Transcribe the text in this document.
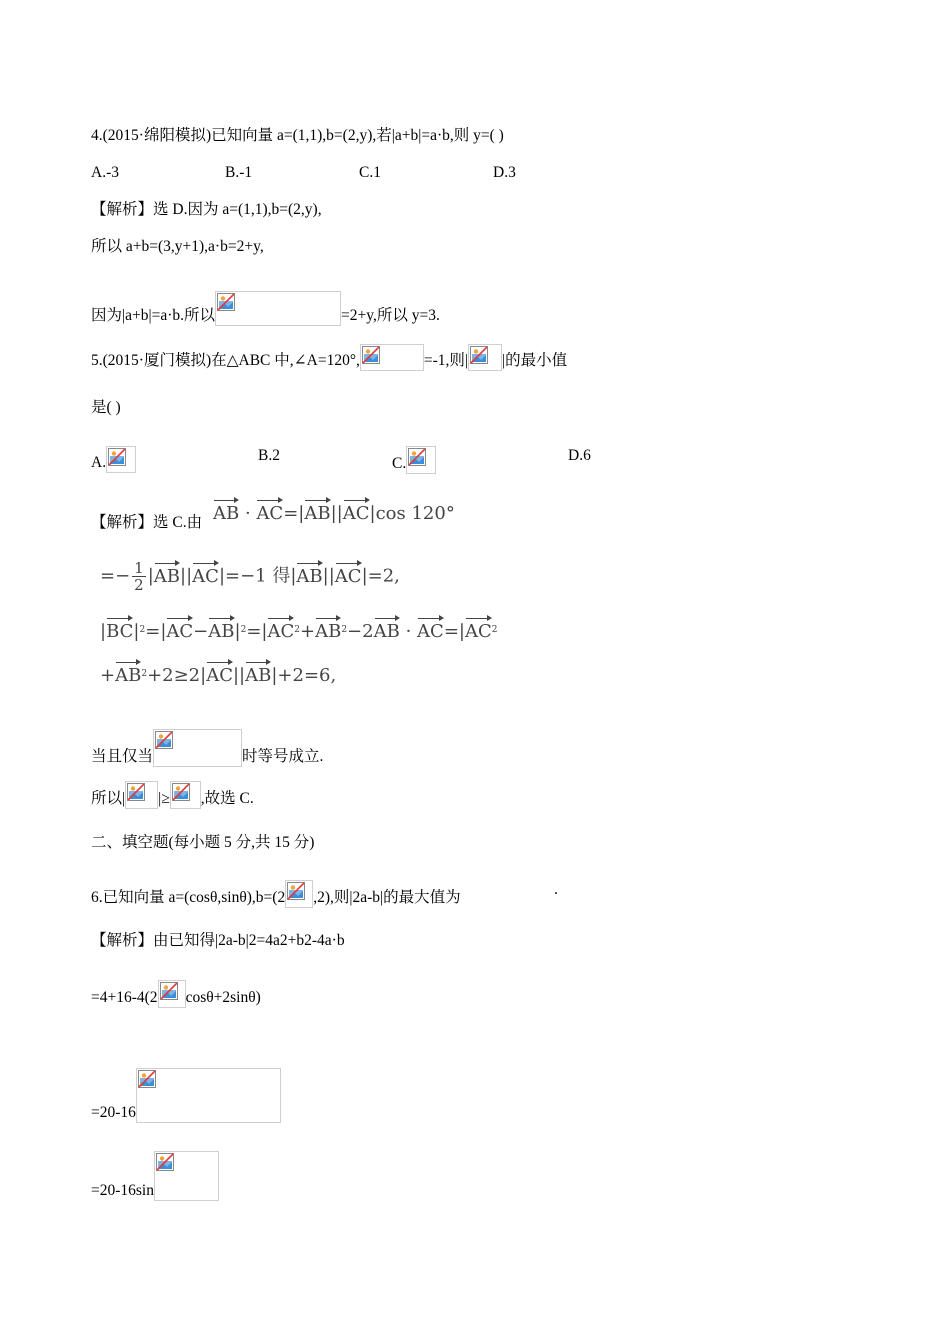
4.(2015·绵阳模拟)已知向量 a=(1,1),b=(2,y),若|a+b|=a·b,则 y=( )
A.-3	B.-1	C.1	D.3
【解析】选 D.因为 a=(1,1),b=(2,y),
所以 a+b=(3,y+1),a·b=2+y,
因为|a+b|=a·b.所以	=2+y,所以 y=3.
5.(2015·厦门模拟)在△ABC 中,∠A=120°,	=-1,则| |的最小值
是( )
A.	B.2	C.	D.6
【解析】选 C.由 AB · AC=|AB||AC|cos 120°
=− $\frac{1}{2} |AB||AC|=-1$ 得|AB||AC|=2,
$|BC|^2=|AC-AB|^2=|AC^2+AB^2-2AB \cdot AC=|AC^2$
$+AB^2+2\ge 2|AC||AB|+2=6$,
当且仅当	时等号成立.
所以| |≥ ,故选 C.
二、填空题(每小题 5 分,共 15 分)
6.已知向量 a=(cosθ,sinθ),b=(2 ,2),则|2a-b|的最大值为	.
【解析】由已知得|2a-b|2=4a2+b2-4a·b
=4+16-4(2 cosθ+2sinθ)
=20-16
=20-16sin
